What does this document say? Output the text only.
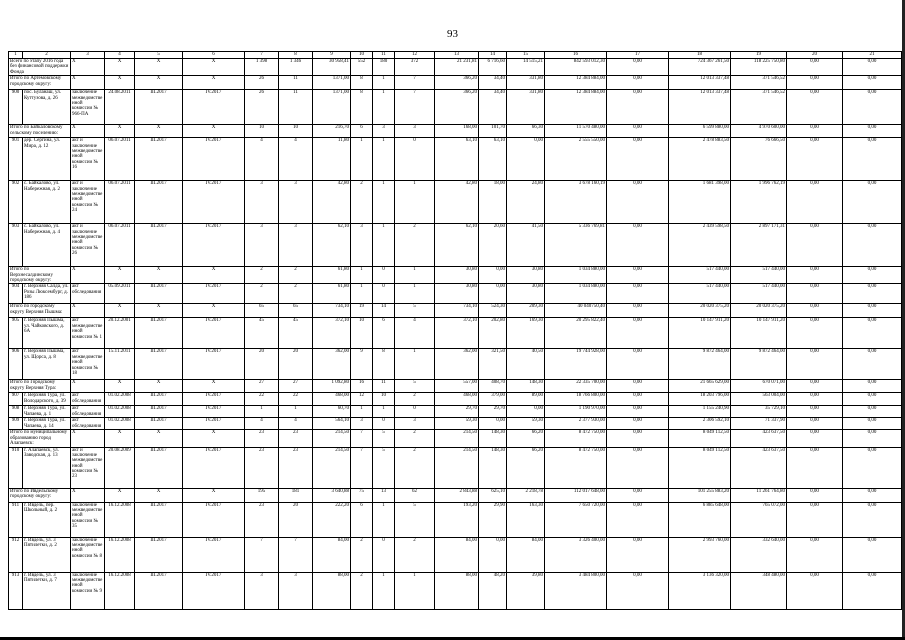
93
1	2	3	4	5	6	7	8	9	10	11	12	13	14	15	16	17	18	19	20	21
Всего по этапу 2016 года без финансовой поддержки Фонда		X	X	X	X	1 398	1 346	30 958,41	552	180	372	21 231,81	6 716,60	14 515,21	842 593 012,30	0,00	724 367 261,50	118 225 750,80	0,00	0,00
Итого по Артемовскому городскому округу:		X	X	X	X	26	11	1371,00	8	1	7	366,20	34,40	331,80	12 384 884,00	0,00	12 013 337,48	371 546,52	0,00	0,00
900	пос. Буланаш, ул. Куттузова, д. 26	заключение межведомственной комиссии № 966-ПА	24.08.2011	III.2017	IV.2017	26	11	1371,00	8	1	7	366,20	34,40	331,80	12 384 884,00	0,00	12 013 337,48	371 546,52	0,00	0,00
Итого по Байкаловскому сельскому поселению:		X	X	X	X	10	10	216,70	6	3	3	168,00	101,70	66,30	11 570 480,00	0,00	6 599 880,00	4 970 600,00	0,00	0,00
901	дер. Сергина, ул. Мира, д. 12	акт и заключение межведомственной комиссии № 16	06.07.2011	III.2017	IV.2017	4	4	11,80	1	1	0	63,10	63,10	0,00	2 555 550,00	0,00	2 478 883,50	76 666,50	0,00	0,00
902	с. Байкалово, ул. Набережная, д. 2	акт и заключение межведомственной комиссии № 24	06.07.2011	III.2017	IV.2017	3	3	42,80	2	1	1	42,80	18,00	24,80	3 678 160,19	0,00	1 681 398,00	1 996 762,19	0,00	0,00
903	с. Байкалово, ул. Набережная, д. 4	акт и заключение межведомственной комиссии № 26	06.07.2011	III.2017	IV.2017	3	3	62,10	3	1	2	62,10	20,60	41,50	5 336 769,81	0,00	2 439 598,50	2 897 171,31	0,00	0,00
Итого по Верхнесалдинскому городскому округу:		X	X	X	X	2	2	61,80	1	0	1	30,80	0,00	30,80	1 034 880,00	0,00	517 440,00	517 440,00	0,00	0,00
904	г. Верхняя Салда, ул. Розы Люксембург, д. 186	акт обследования	05.09.2011	III.2017	IV.2017	2	2	61,80	1	0	1	30,80	0,00	30,80	1 034 880,00	0,00	517 440,00	517 440,00	0,00	0,00
Итого по городскому округу Верхняя Пышма:		X	X	X	X	65	65	734,10	19	14	5	734,10	524,30	209,30	40 040750,40	0,00	20 020 375,20	20 020 375,20	0,00	0,00
905	г. Верхняя Пышма, ул. Чайковского, д. 6А	акт межведомственной комиссии № 1	20.12.2001	III.2017	IV.2017	45	45	372,10	10	6	4	372,10	202,80	169,30	20 295 822,40	0,00	10 147 911,20	10 147 911,20	0,00	0,00
906	г. Верхняя Пышма, ул. Щорса, д. 8	акт межведомственной комиссии № 18	15.11.2011	III.2017	IV.2017	20	20	362,00	9	8	1	362,00	321,50	40,50	19 744 928,00	0,00	9 872 464,00	9 872 464,00	0,00	0,00
Итого по Городскому округу Верхняя Тура:		X	X	X	X	27	27	1 092,80	16	11	5	557,00	408,70	148,30	22 335 700,00	0,00	21 665 629,00	670 071,00	0,00	0,00
907	г. Верхняя Тура, ул. Володарского, д. 39	акт обследования	01.02.2008	III.2017	IV.2017	22	22	468,00	12	10	2	468,00	379,00	89,00	18 766 800,00	0,00	18 203 796,00	563 004,00	0,00	0,00
908	г. Верхняя Тура, ул. Чапаева, д. 1	акт обследования	01.02.2008	III.2017	IV.2017	1	1	60,70	1	1	0	29,70	29,70	0,00	1 190 970,00	0,00	1 155 240,90	35 729,10	0,00	0,00
909	г. Верхняя Тура, ул. Чапаева, д. 14	акт обследования	01.02.2008	III.2017	IV.2017	4	4	564,10	3	0	3	59,30	0,00	59,30	2 377 930,00	0,00	2 306 592,10	71 337,90	0,00	0,00
Итого по муниципальному образованию город Алапаевск:		X	X	X	X	23	23	214,50	7	5	2	214,50	148,30	66,20	8 472 750,00	0,00	8 049 112,50	423 637,50	0,00	0,00
910	г. Алапаевск, ул. Заводская, д. 13	акт и заключение межведомственной комиссии № 23	20.08.2009	III.2017	IV.2017	23	23	214,50	7	5	2	214,50	148,30	66,20	8 472 750,00	0,00	8 049 112,50	423 637,50	0,00	0,00
Итого по Ивдельскому городскому округу:		X	X	X	X	195	181	3 640,88	75	13	62	2 843,88	625,10	2 218,78	112 017 648,00	0,00	101 255 883,20	11 261 764,80	0,00	0,00
911	г. Ивдель, пер. Школьный, д. 2	заключение межведомственной комиссии № 35	16.12.2008	III.2017	IV.2017	23	20	222,20	6	1	5	193,20	29,90	163,30	7 650 720,00	0,00	6 885 648,00	765 072,00	0,00	0,00
912	г. Ивдель, ул. 3 Пятилетки, д. 2	заключение межведомственной комиссии № 8	16.12.2008	III.2017	IV.2017	7	7	84,00	2	0	2	84,00	0,00	84,00	3 326 400,00	0,00	2 993 760,00	332 640,00	0,00	0,00
913	г. Ивдель, ул. 3 Пятилетки, д. 7	заключение межведомственной комиссии № 9	16.12.2008	III.2017	IV.2017	3	3	88,00	2	1	1	88,00	48,20	39,80	3 484 800,00	0,00	3 136 320,00	348 480,00	0,00	0,00
